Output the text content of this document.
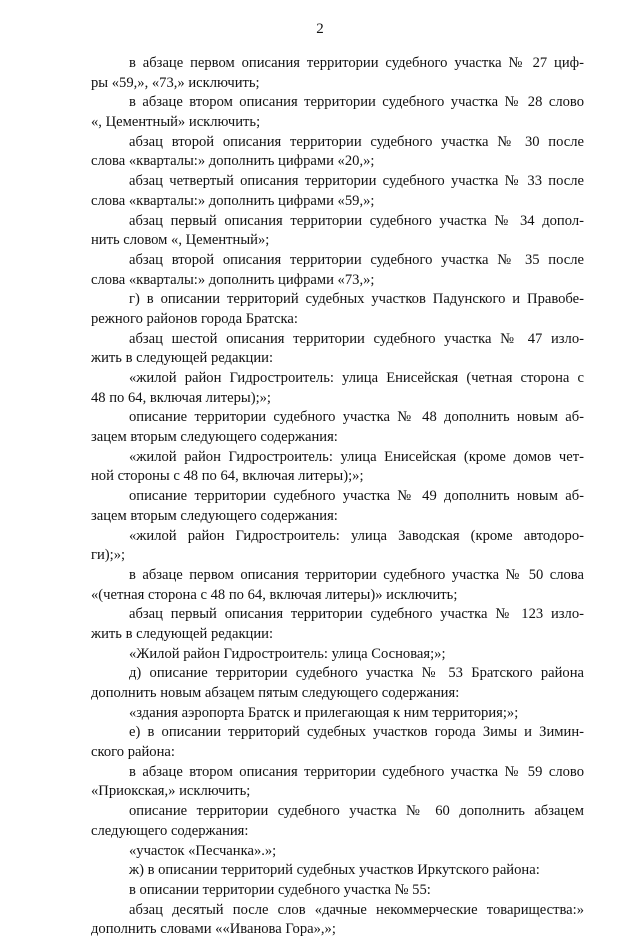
2
в абзаце первом описания территории судебного участка № 27 циф-
ры «59,», «73,» исключить;
в абзаце втором описания территории судебного участка № 28 слово
«, Цементный» исключить;
абзац второй описания территории судебного участка № 30 после
слова «кварталы:» дополнить цифрами «20,»;
абзац четвертый описания территории судебного участка № 33 после
слова «кварталы:» дополнить цифрами «59,»;
абзац первый описания территории судебного участка № 34 допол-
нить словом «, Цементный»;
абзац второй описания территории судебного участка № 35 после
слова «кварталы:» дополнить цифрами «73,»;
г) в описании территорий судебных участков Падунского и Правобе-
режного районов города Братска:
абзац шестой описания территории судебного участка № 47 изло-
жить в следующей редакции:
«жилой район Гидростроитель: улица Енисейская (четная сторона с
48 по 64, включая литеры);»;
описание территории судебного участка № 48 дополнить новым аб-
зацем вторым следующего содержания:
«жилой район Гидростроитель: улица Енисейская (кроме домов чет-
ной стороны с 48 по 64, включая литеры);»;
описание территории судебного участка № 49 дополнить новым аб-
зацем вторым следующего содержания:
«жилой район Гидростроитель: улица Заводская (кроме автодоро-
ги);»;
в абзаце первом описания территории судебного участка № 50 слова
«(четная сторона с 48 по 64, включая литеры)» исключить;
абзац первый описания территории судебного участка № 123 изло-
жить в следующей редакции:
«Жилой район Гидростроитель: улица Сосновая;»;
д) описание территории судебного участка № 53 Братского района
дополнить новым абзацем пятым следующего содержания:
«здания аэропорта Братск и прилегающая к ним территория;»;
е) в описании территорий судебных участков города Зимы и Зимин-
ского района:
в абзаце втором описания территории судебного участка № 59 слово
«Приокская,» исключить;
описание территории судебного участка № 60 дополнить абзацем
следующего содержания:
«участок «Песчанка».»;
ж) в описании территорий судебных участков Иркутского района:
в описании территории судебного участка № 55:
абзац десятый после слов «дачные некоммерческие товарищества:»
дополнить словами ««Иванова Гора»,»;
